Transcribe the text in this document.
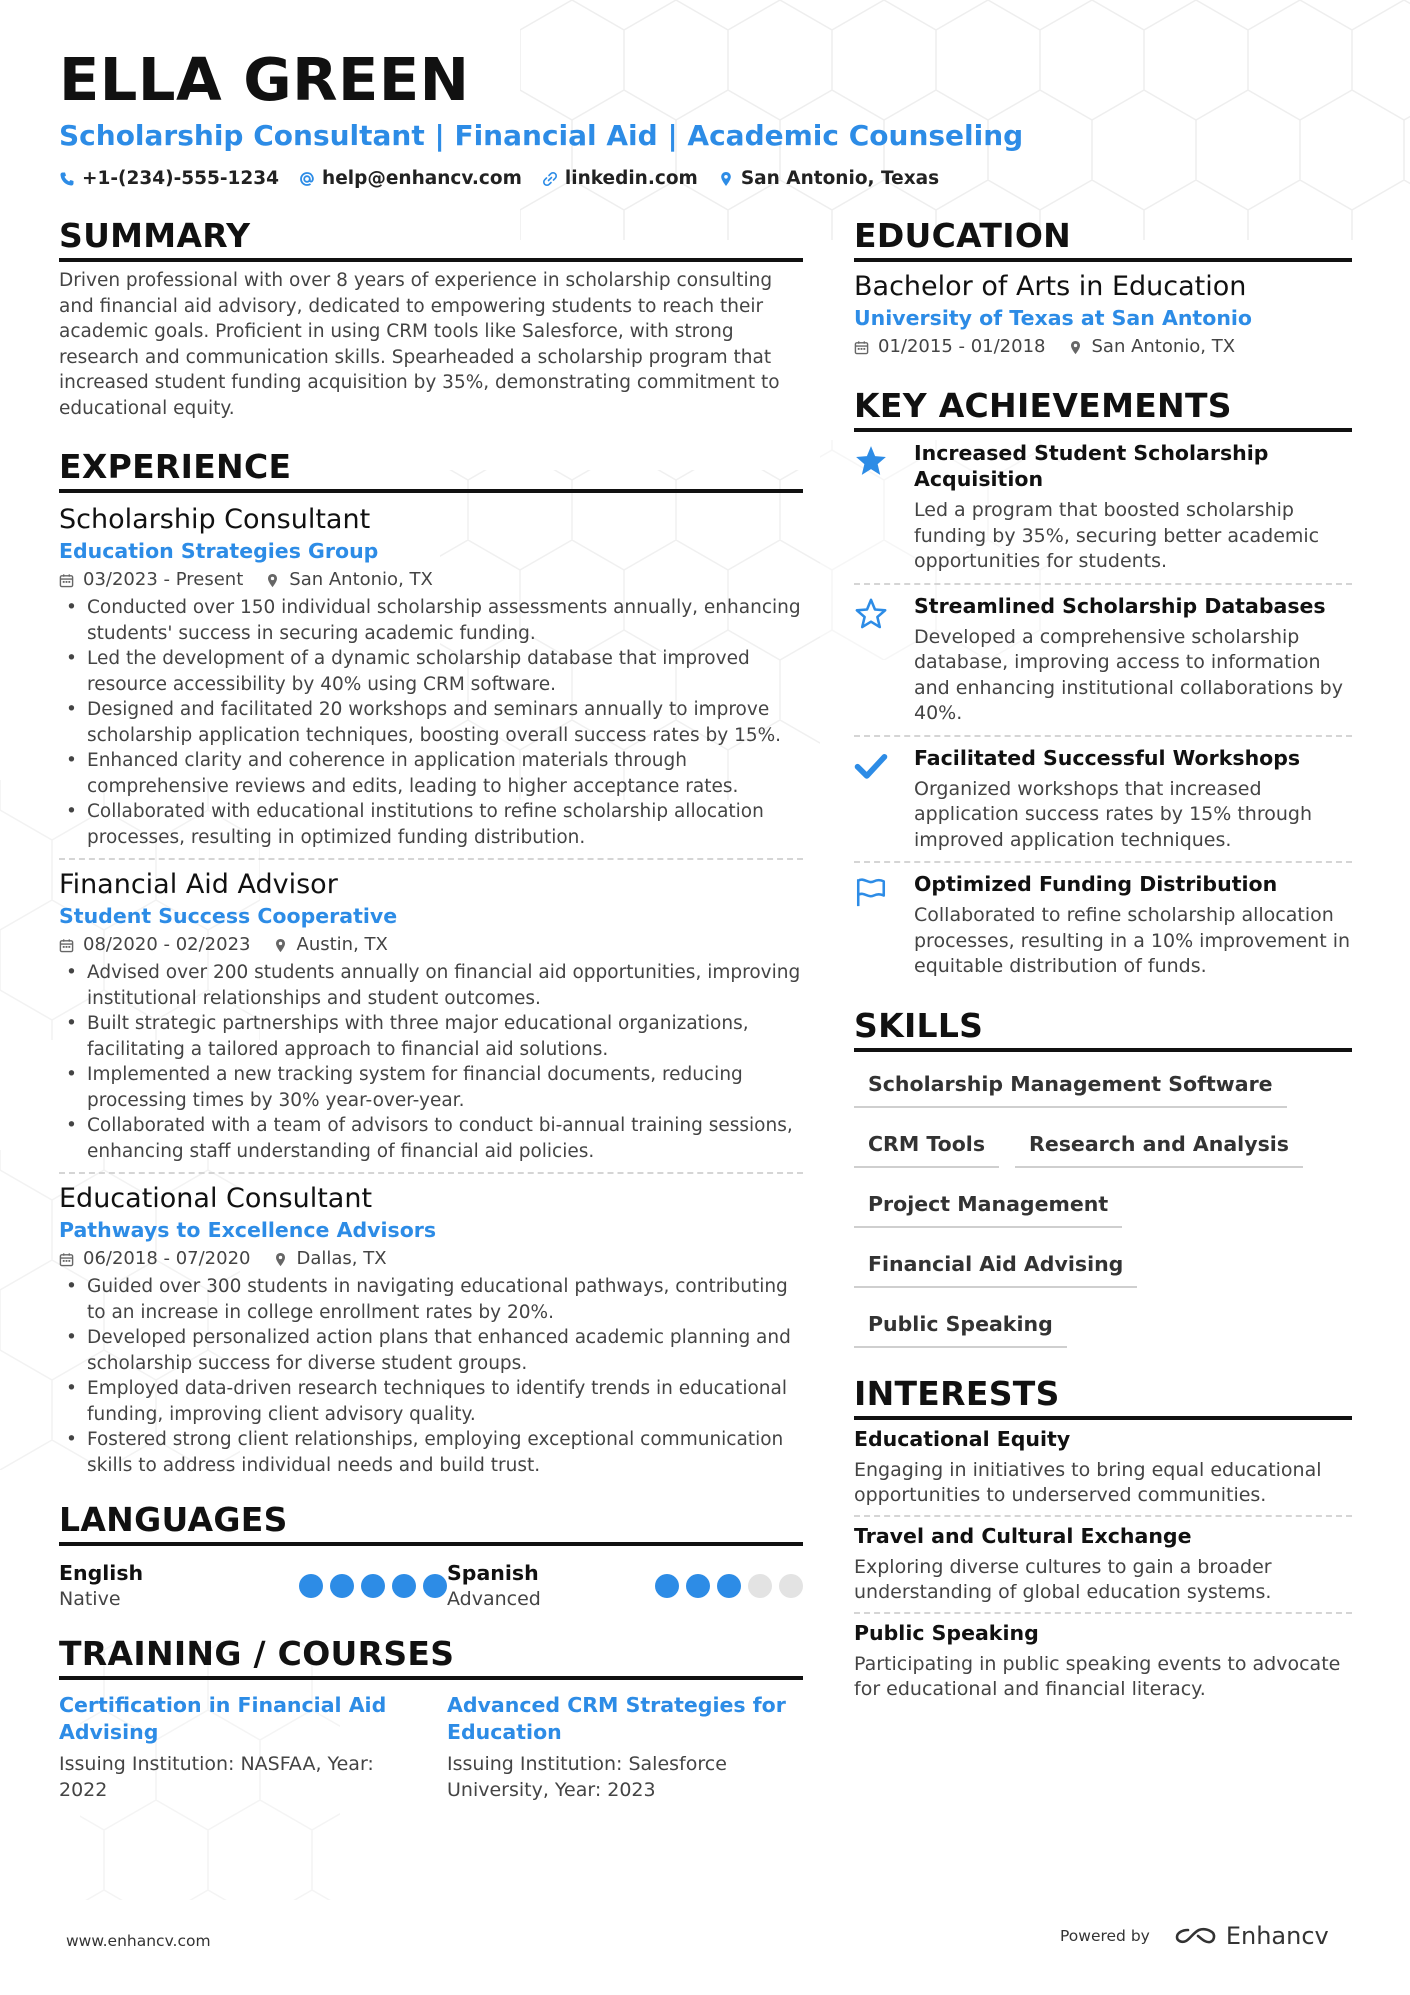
ELLA GREEN
Scholarship Consultant | Financial Aid | Academic Counseling
+1-(234)-555-1234 help@enhancv.com linkedin.com San Antonio, Texas
SUMMARY
Driven professional with over 8 years of experience in scholarship consulting and financial aid advisory, dedicated to empowering students to reach their academic goals. Proficient in using CRM tools like Salesforce, with strong research and communication skills. Spearheaded a scholarship program that increased student funding acquisition by 35%, demonstrating commitment to educational equity.
EXPERIENCE
Scholarship Consultant
Education Strategies Group
03/2023 - Present	San Antonio, TX
• Conducted over 150 individual scholarship assessments annually, enhancing students' success in securing academic funding.
• Led the development of a dynamic scholarship database that improved resource accessibility by 40% using CRM software.
• Designed and facilitated 20 workshops and seminars annually to improve scholarship application techniques, boosting overall success rates by 15%.
• Enhanced clarity and coherence in application materials through comprehensive reviews and edits, leading to higher acceptance rates.
• Collaborated with educational institutions to refine scholarship allocation processes, resulting in optimized funding distribution.
Financial Aid Advisor
Student Success Cooperative
08/2020 - 02/2023	Austin, TX
• Advised over 200 students annually on financial aid opportunities, improving institutional relationships and student outcomes.
• Built strategic partnerships with three major educational organizations, facilitating a tailored approach to financial aid solutions.
• Implemented a new tracking system for financial documents, reducing processing times by 30% year-over-year.
• Collaborated with a team of advisors to conduct bi-annual training sessions, enhancing staff understanding of financial aid policies.
Educational Consultant
Pathways to Excellence Advisors
06/2018 - 07/2020	Dallas, TX
• Guided over 300 students in navigating educational pathways, contributing to an increase in college enrollment rates by 20%.
• Developed personalized action plans that enhanced academic planning and scholarship success for diverse student groups.
• Employed data-driven research techniques to identify trends in educational funding, improving client advisory quality.
• Fostered strong client relationships, employing exceptional communication skills to address individual needs and build trust.
LANGUAGES
English
Native
Spanish
Advanced
TRAINING / COURSES
Certification in Financial Aid Advising
Issuing Institution: NASFAA, Year: 2022
Advanced CRM Strategies for Education
Issuing Institution: Salesforce University, Year: 2023
EDUCATION
Bachelor of Arts in Education
University of Texas at San Antonio
01/2015 - 01/2018	San Antonio, TX
KEY ACHIEVEMENTS
Increased Student Scholarship Acquisition
Led a program that boosted scholarship funding by 35%, securing better academic opportunities for students.
Streamlined Scholarship Databases
Developed a comprehensive scholarship database, improving access to information and enhancing institutional collaborations by 40%.
Facilitated Successful Workshops
Organized workshops that increased application success rates by 15% through improved application techniques.
Optimized Funding Distribution
Collaborated to refine scholarship allocation processes, resulting in a 10% improvement in equitable distribution of funds.
SKILLS
Scholarship Management Software
CRM Tools	Research and Analysis
Project Management
Financial Aid Advising
Public Speaking
INTERESTS
Educational Equity
Engaging in initiatives to bring equal educational opportunities to underserved communities.
Travel and Cultural Exchange
Exploring diverse cultures to gain a broader understanding of global education systems.
Public Speaking
Participating in public speaking events to advocate for educational and financial literacy.
www.enhancv.com	Powered by	Enhancv
